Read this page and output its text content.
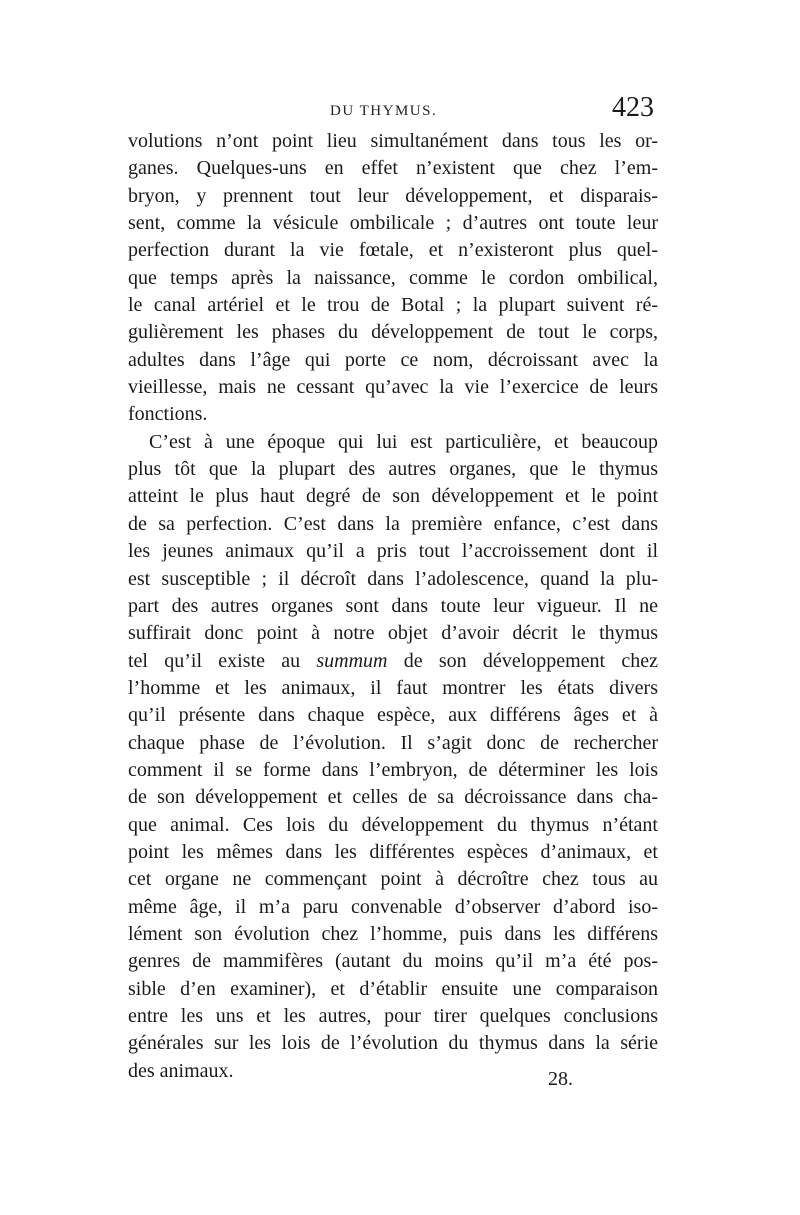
DU THYMUS.	423
volutions n’ont point lieu simultanément dans tous les or-
ganes. Quelques-uns en effet n’existent que chez l’em-
bryon, y prennent tout leur développement, et disparais-
sent, comme la vésicule ombilicale ; d’autres ont toute leur
perfection durant la vie fœtale, et n’existeront plus quel-
que temps après la naissance, comme le cordon ombilical,
le canal artériel et le trou de Botal ; la plupart suivent ré-
gulièrement les phases du développement de tout le corps,
adultes dans l’âge qui porte ce nom, décroissant avec la
vieillesse, mais ne cessant qu’avec la vie l’exercice de leurs
fonctions.
C’est à une époque qui lui est particulière, et beaucoup
plus tôt que la plupart des autres organes, que le thymus
atteint le plus haut degré de son développement et le point
de sa perfection. C’est dans la première enfance, c’est dans
les jeunes animaux qu’il a pris tout l’accroissement dont il
est susceptible ; il décroît dans l’adolescence, quand la plu-
part des autres organes sont dans toute leur vigueur. Il ne
suffirait donc point à notre objet d’avoir décrit le thymus
tel qu’il existe au summum de son développement chez
l’homme et les animaux, il faut montrer les états divers
qu’il présente dans chaque espèce, aux différens âges et à
chaque phase de l’évolution. Il s’agit donc de rechercher
comment il se forme dans l’embryon, de déterminer les lois
de son développement et celles de sa décroissance dans cha-
que animal. Ces lois du développement du thymus n’étant
point les mêmes dans les différentes espèces d’animaux, et
cet organe ne commençant point à décroître chez tous au
même âge, il m’a paru convenable d’observer d’abord iso-
lément son évolution chez l’homme, puis dans les différens
genres de mammifères (autant du moins qu’il m’a été pos-
sible d’en examiner), et d’établir ensuite une comparaison
entre les uns et les autres, pour tirer quelques conclusions
générales sur les lois de l’évolution du thymus dans la série
des animaux.	28.
